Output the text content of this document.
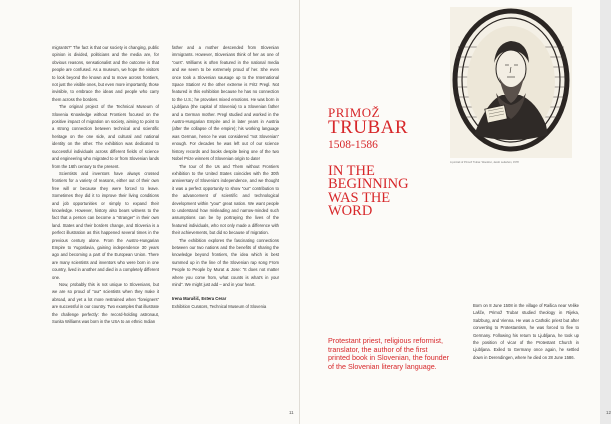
migrants?” The fact is that our society is changing, public opinion is divided, politicians and the media are, for obvious reasons, sensationalist and the outcome is that people are confused. As a museum, we hope the visitors to look beyond the known and to move across frontiers, not just the visible ones, but even more importantly, those invisible, to embrace the ideas and people who carry them across the borders.

The original project of the Technical Museum of Slovenia Knowledge without Frontiers focused on the positive impact of migration on society, aiming to point to a strong connection between technical and scientific heritage on the one side, and cultural and national identity on the other. The exhibition was dedicated to successful individuals across different fields of science and engineering who migrated to or from Slovenian lands from the 16th century to the present.

Scientists and inventors have always crossed frontiers for a variety of reasons, either out of their own free will or because they were forced to leave. Sometimes they did it to improve their living conditions and job opportunities or simply to expand their knowledge. However, history also bears witness to the fact that a person can become a “stranger” in their own land. States and their borders change, and Slovenia is a perfect illustration as this happened several times in the previous century alone. From the Austro-Hungarian Empire to Yugoslavia, gaining independence 30 years ago and becoming a part of the European Union. There are many scientists and inventors who were born in one country, lived in another and died in a completely different one.

Now, probably this is not unique to Slovenians, but we are so proud of “our” scientists when they make it abroad, and yet a lot more restrained when “foreigners” are successful in our country. Two examples that illustrate the challenge perfectly: the record-holding astronaut, Sunita Williams was born in the USA to an ethnic Indian

father and a mother descended from Slovenian immigrants. However, Slovenians think of her as one of “ours”. Williams is often featured in the national media and we seem to be extremely proud of her. She even once took a Slovenian sausage up to the International Space Station! At the other extreme is Fritz Pregl. Not featured in this exhibition because he has no connection to the U.S.; he provokes mixed emotions. He was born in Ljubljana (the capital of Slovenia) to a Slovenian father and a German mother. Pregl studied and worked in the Austro-Hungarian Empire and in later years in Austria (after the collapse of the empire); his working language was German, hence he was considered “not Slovenian” enough. For decades he was left out of our science history records and books despite being one of the two Nobel Prize winners of Slovenian origin to date!

The tour of the Us and Them without Frontiers exhibition to the United States coincides with the 30th anniversary of Slovenia’s independence, and we thought it was a perfect opportunity to show “our” contribution to the advancement of scientific and technological development within “your” great nation. We want people to understand how misleading and narrow-minded such assumptions can be by portraying the lives of the featured individuals, who not only made a difference with their achievements, but did so because of migration.

The exhibition explores the fascinating connections between our two nations and the benefits of sharing the knowledge beyond frontiers, the idea which is best summed up in the line of the Slovenian rap song From People to People by Murat & Jose: “It does not matter where you come from, what counts is what’s in your mind”. We might just add – and in your heart.

Irena Marušič, Estera Cerar
Exhibition Curators, Technical Museum of Slovenia
11
PRIMOŽ
TRUBAR
1508-1586
IN THE
BEGINNING
WAS THE
WORD
A portrait of Primož Trubar. Woodcut, Jacob Lederlein, 1578
Protestant priest, religious reformist, translator, the author of the first printed book in Slovenian, the founder of the Slovenian literary language.
Born on 8 June 1508 in the village of Rašica near Velike Lašče, Primož Trubar studied theology in Rijeka, Salzburg, and Vienna. He was a Catholic priest but after converting to Protestantism, he was forced to flee to Germany. Following his return to Ljubljana, he took up the position of vicar of the Protestant Church in Ljubljana. Exiled to Germany once again, he settled down in Derendingen, where he died on 28 June 1586.
12
